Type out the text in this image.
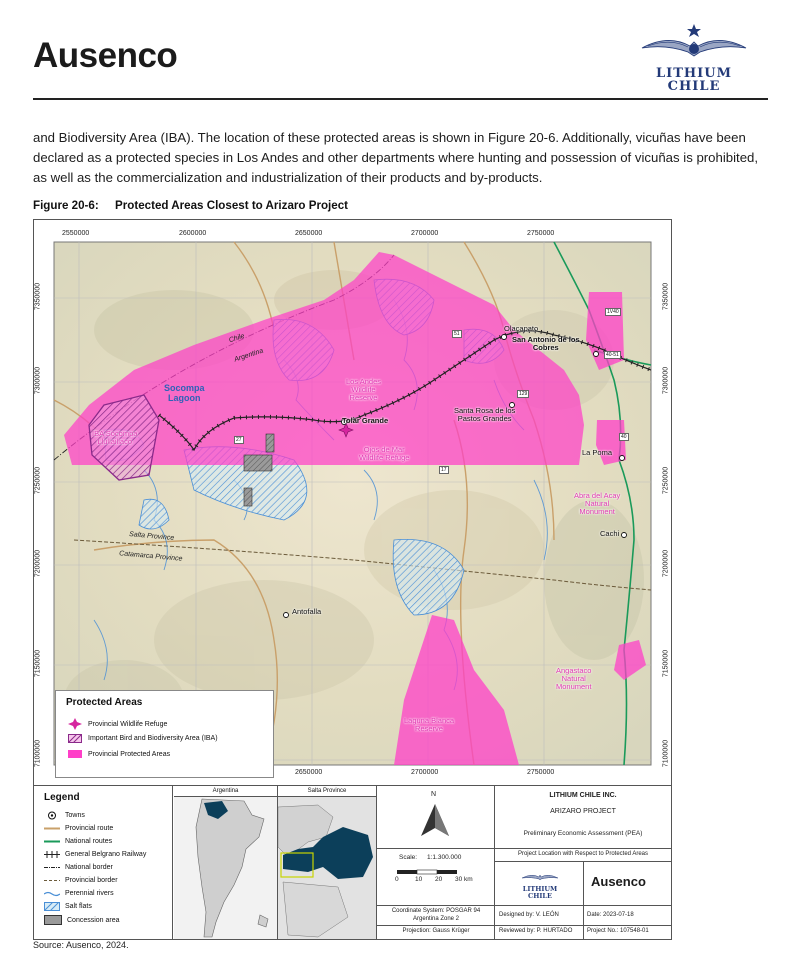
Ausenco	LITHIUM
CHILE
and Biodiversity Area (IBA). The location of these protected areas is shown in Figure 20-6. Additionally, vicuñas have been declared as a protected species in Los Andes and other departments where hunting and possession of vicuñas is prohibited, as well as the commercialization and industrialization of their products and by-products.
Figure 20-6: Protected Areas Closest to Arizaro Project
2550000	2600000	2650000	2700000	2750000
2650000	2700000	2750000
7350000
7300000
7250000
7200000
7150000
7100000
7350000
7300000
7250000
7200000
7150000
7100000
Chile
Argentina
Socompa
Lagoon
IBA Socompa
Llullaillaco
Los Andes
Wildlife
Reserve
Ojos de Mar
Wildlife Refuge
Tolar Grande
Santa Rosa de los
Pastos Grandes
Olacapato
San Antonio de los
Cobres
La Poma
Abra del Acay
Natural
Monument
Cachi
Angastaco
Natural
Monument
Laguna Blanca
Reserve
Antofalla
Salta Province
Catamarca Province
51
1V40
40-51
129
27	40
17
Protected Areas
Provincial Wildlife Refuge
Important Bird and Biodiversity Area (IBA)
Provincial Protected Areas
Legend
Towns
Provincial route
National routes
General Belgrano Railway
National border
Provincial border
Perennial rivers
Salt flats
Concession area
Argentina	Salta Province	N
Scale: 1:1.300.000
0	10 20 30 km
Coordinate System: POSGAR 94
Argentina Zone 2
Projection: Gauss Krüger
LITHIUM CHILE INC.
ARIZARO PROJECT
Preliminary Economic Assessment (PEA)
Project Location with Respect to Protected Areas
LITHIUM
CHILE
Ausenco
Designed by: V. LEÓN	Date: 2023-07-18
Reviewed by: P. HURTADO Project No.: 107548-01
Source: Ausenco, 2024.
